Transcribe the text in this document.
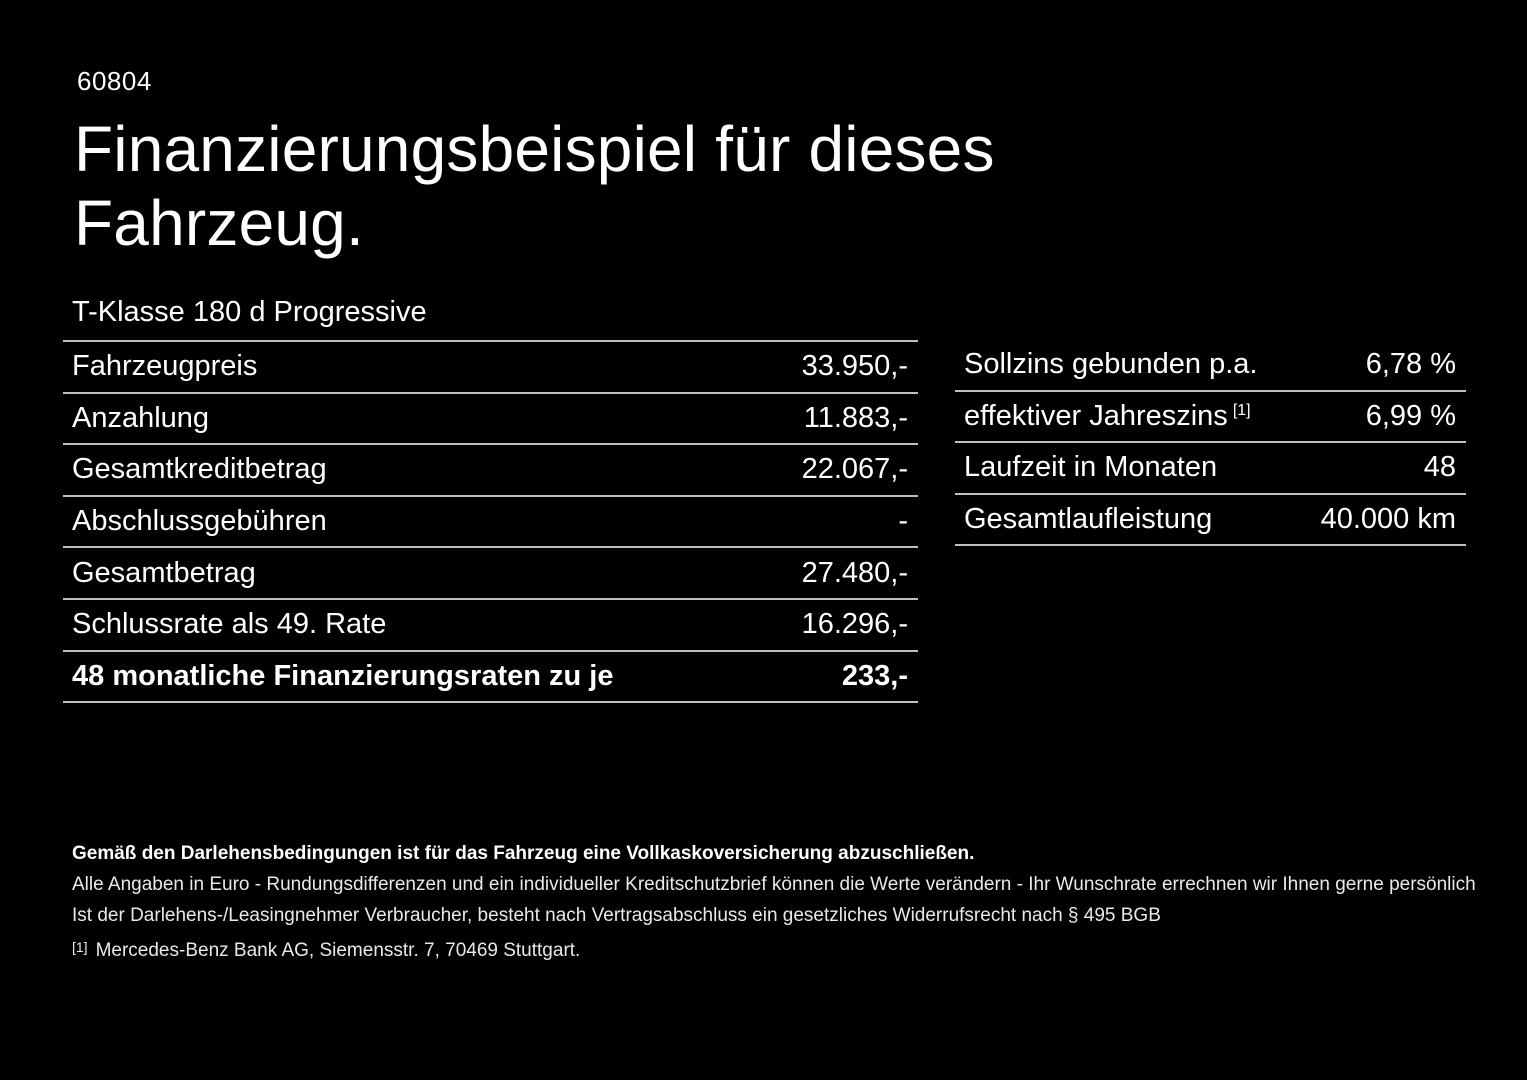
60804
Finanzierungsbeispiel für dieses
Fahrzeug.
T-Klasse 180 d Progressive
Fahrzeugpreis	33.950,-
Anzahlung	11.883,-
Gesamtkreditbetrag	22.067,-
Abschlussgebühren	-
Gesamtbetrag	27.480,-
Schlussrate als 49. Rate	16.296,-
48 monatliche Finanzierungsraten zu je	233,-
Sollzins gebunden p.a.	6,78 %
effektiver Jahreszins [1]	6,99 %
Laufzeit in Monaten	48
Gesamtlaufleistung	40.000 km

Gemäß den Darlehensbedingungen ist für das Fahrzeug eine Vollkaskoversicherung abzuschließen.

Alle Angaben in Euro - Rundungsdifferenzen und ein individueller Kreditschutzbrief können die Werte verändern - Ihr Wunschrate errechnen wir Ihnen gerne persönlich

Ist der Darlehens-/Leasingnehmer Verbraucher, besteht nach Vertragsabschluss ein gesetzliches Widerrufsrecht nach § 495 BGB

[1] Mercedes-Benz Bank AG, Siemensstr. 7, 70469 Stuttgart.
